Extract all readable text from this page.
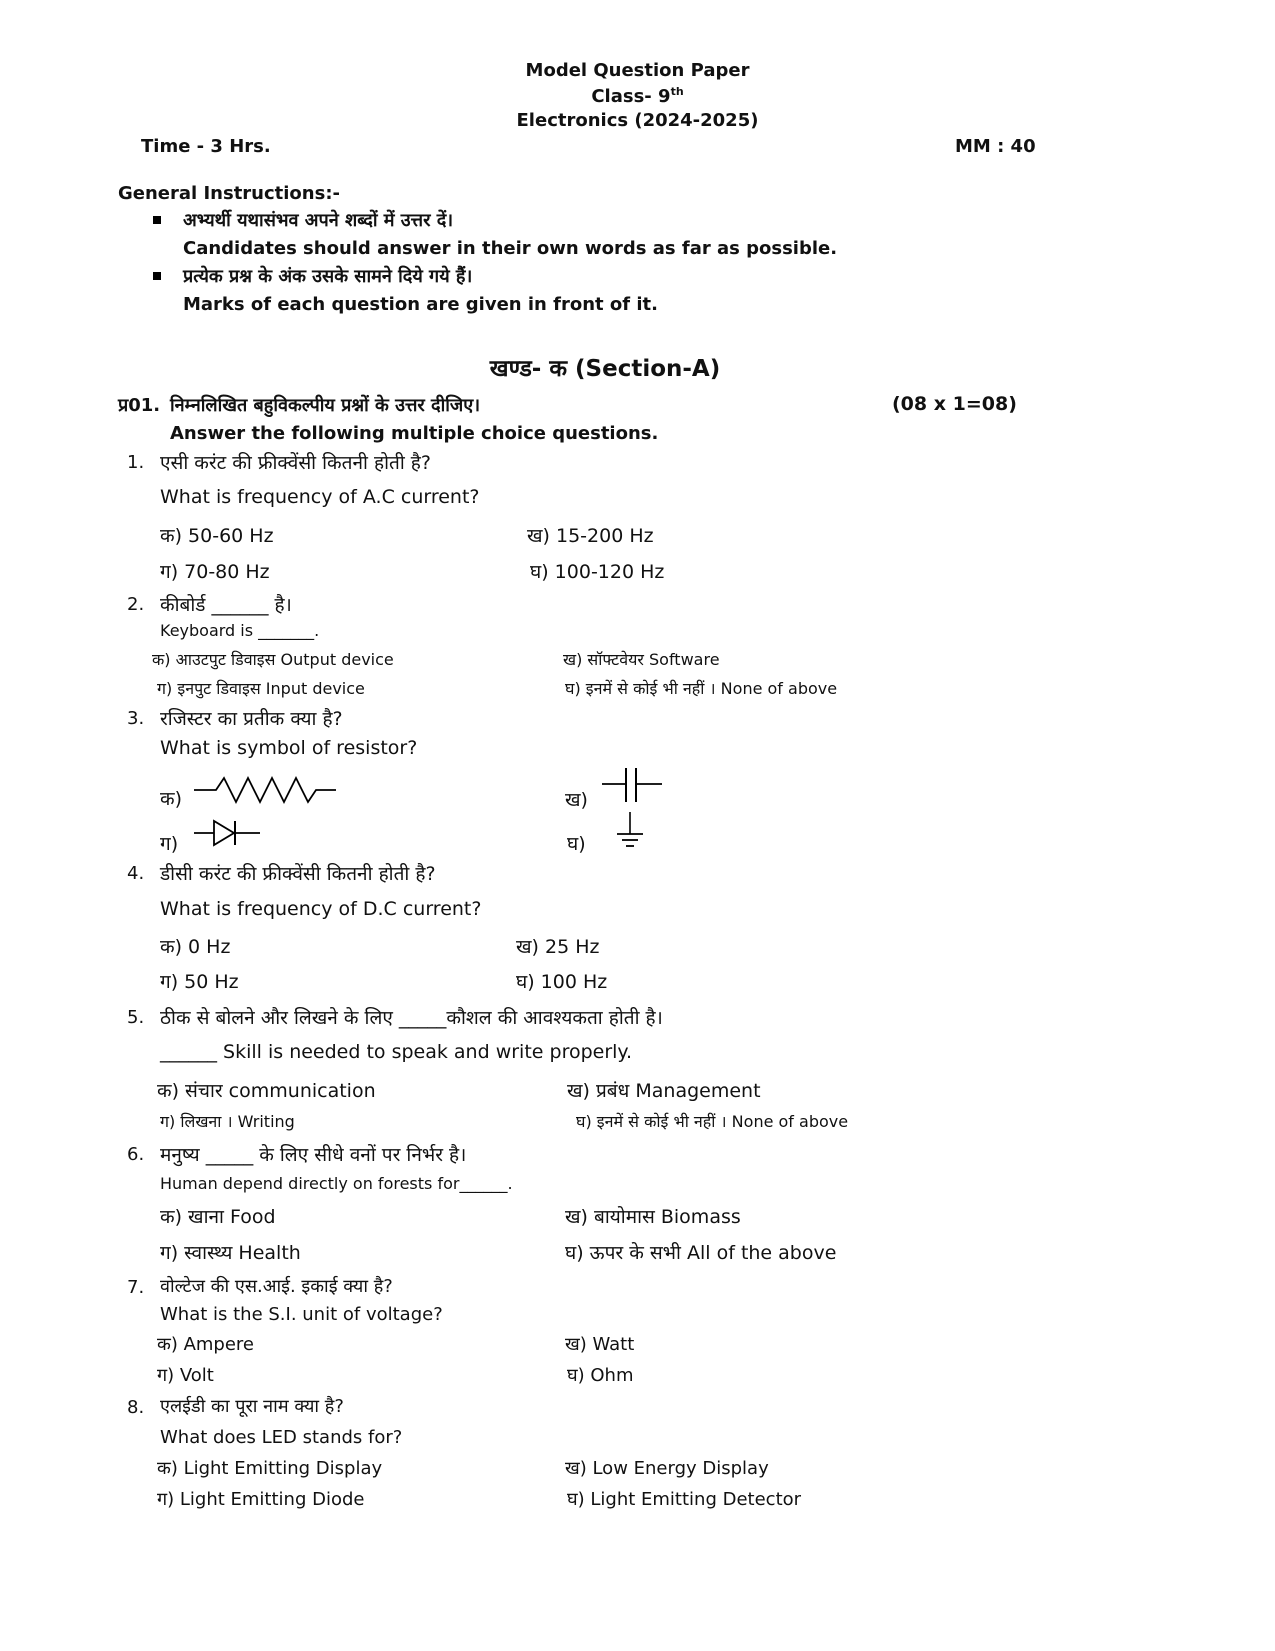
Model Question Paper
Class- 9th
Electronics (2024-2025)
Time - 3 Hrs.	MM : 40
General Instructions:-
अभ्यर्थी यथासंभव अपने शब्दों में उत्तर दें।
Candidates should answer in their own words as far as possible.
प्रत्येक प्रश्न के अंक उसके सामने दिये गये हैं।
Marks of each question are given in front of it.
खण्ड- क (Section-A)
प्र01. निम्नलिखित बहुविकल्पीय प्रश्नों के उत्तर दीजिए।	(08 x 1=08)
Answer the following multiple choice questions.
1. एसी करंट की फ्रीक्वेंसी कितनी होती है?
What is frequency of A.C current?
क) 50-60 Hz	ख) 15-200 Hz
ग) 70-80 Hz	घ) 100-120 Hz
2. कीबोर्ड ______ है।
Keyboard is _______.
क) आउटपुट डिवाइस Output device	ख) सॉफ्टवेयर Software
ग) इनपुट डिवाइस Input device	घ) इनमें से कोई भी नहीं । None of above
3. रजिस्टर का प्रतीक क्या है?
What is symbol of resistor?
क)	ख)
ग)	घ)
4. डीसी करंट की फ्रीक्वेंसी कितनी होती है?
What is frequency of D.C current?
क) 0 Hz	ख) 25 Hz
ग) 50 Hz	घ) 100 Hz
5. ठीक से बोलने और लिखने के लिए _____कौशल की आवश्यकता होती है।
______ Skill is needed to speak and write properly.
क) संचार communication	ख) प्रबंध Management
ग) लिखना । Writing	घ) इनमें से कोई भी नहीं । None of above
6. मनुष्य _____ के लिए सीधे वनों पर निर्भर है।
Human depend directly on forests for______.
क) खाना Food	ख) बायोमास Biomass
ग) स्वास्थ्य Health	घ) ऊपर के सभी All of the above
7. वोल्टेज की एस.आई. इकाई क्या है?
What is the S.I. unit of voltage?
क) Ampere	ख) Watt
ग) Volt	घ) Ohm
8. एलईडी का पूरा नाम क्या है?
What does LED stands for?
क) Light Emitting Display	ख) Low Energy Display
ग) Light Emitting Diode	घ) Light Emitting Detector
